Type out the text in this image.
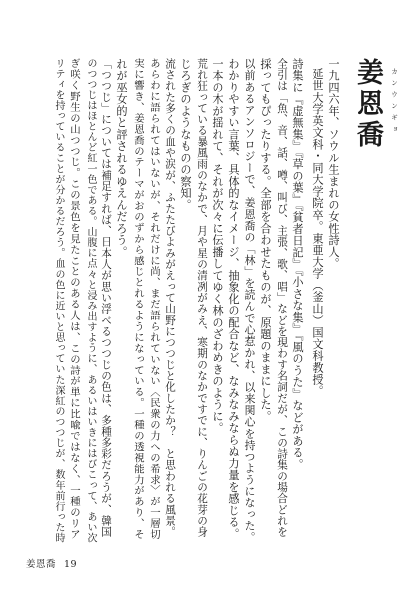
姜恩喬 カンウンギョ
一九四六年、ソウル生まれの女性詩人。
延世大学英文科・同大学院卒。東亜大学（釜山）国文科教授。
詩集に『虚無集』『草の葉』『貧者日記』『小さな集』『風のうた』などがある。
全引は「魚、音、話、噂、叫び、主張、歌、唱」などを現わす名詞だが、この詩集の場合どれを
採ってもぴったりする。全部を合わせたものが、原題のままにした。
以前あるアンソロジーで、姜恩喬の「林」を読んで心惹かれ、以来関心を持つようになった。
わかりやすい言葉、具体的なイメージ、抽象化の配合など、なみなみならぬ力量を感じる。
一本の木が揺れて、それが次々に伝播してゆく林のざわめきのように。
荒れ狂っている暴風雨のなかで、月や星の清冽がみえ、寒期のなかですでに、りんごの花芽の身
じろぎのようなものの察知。
流された多くの血や涙が、ふたたびよみがえって山野につつじと化したか？　と思われる風景。
あらわに語られてはいないが、それだけに尚、まだ語られていない〈民衆の力への希求〉が一層切
実に響き、姜恩喬のテーマがおのずから感じとれるようになっている。一種の透視能力があり、そ
れが巫女的と評されるゆえんだろう。
「つつじ」については補足すれば、日本人が思い浮べるつつじの色は、多種多彩だろうが、韓国
のつつじはほとんど紅一色である。山腹に点々と浸み出すように、あるいはいきにはびこって、あい次
ぎ咲く野生の山つつじ。この景色を見たことのある人は、この詩が単に比喩ではなく、一種のリア
リティを持っていることが分かるだろう。血の色に近いと思っていた深紅のつつじが、数年前行った時
姜恩喬 19
